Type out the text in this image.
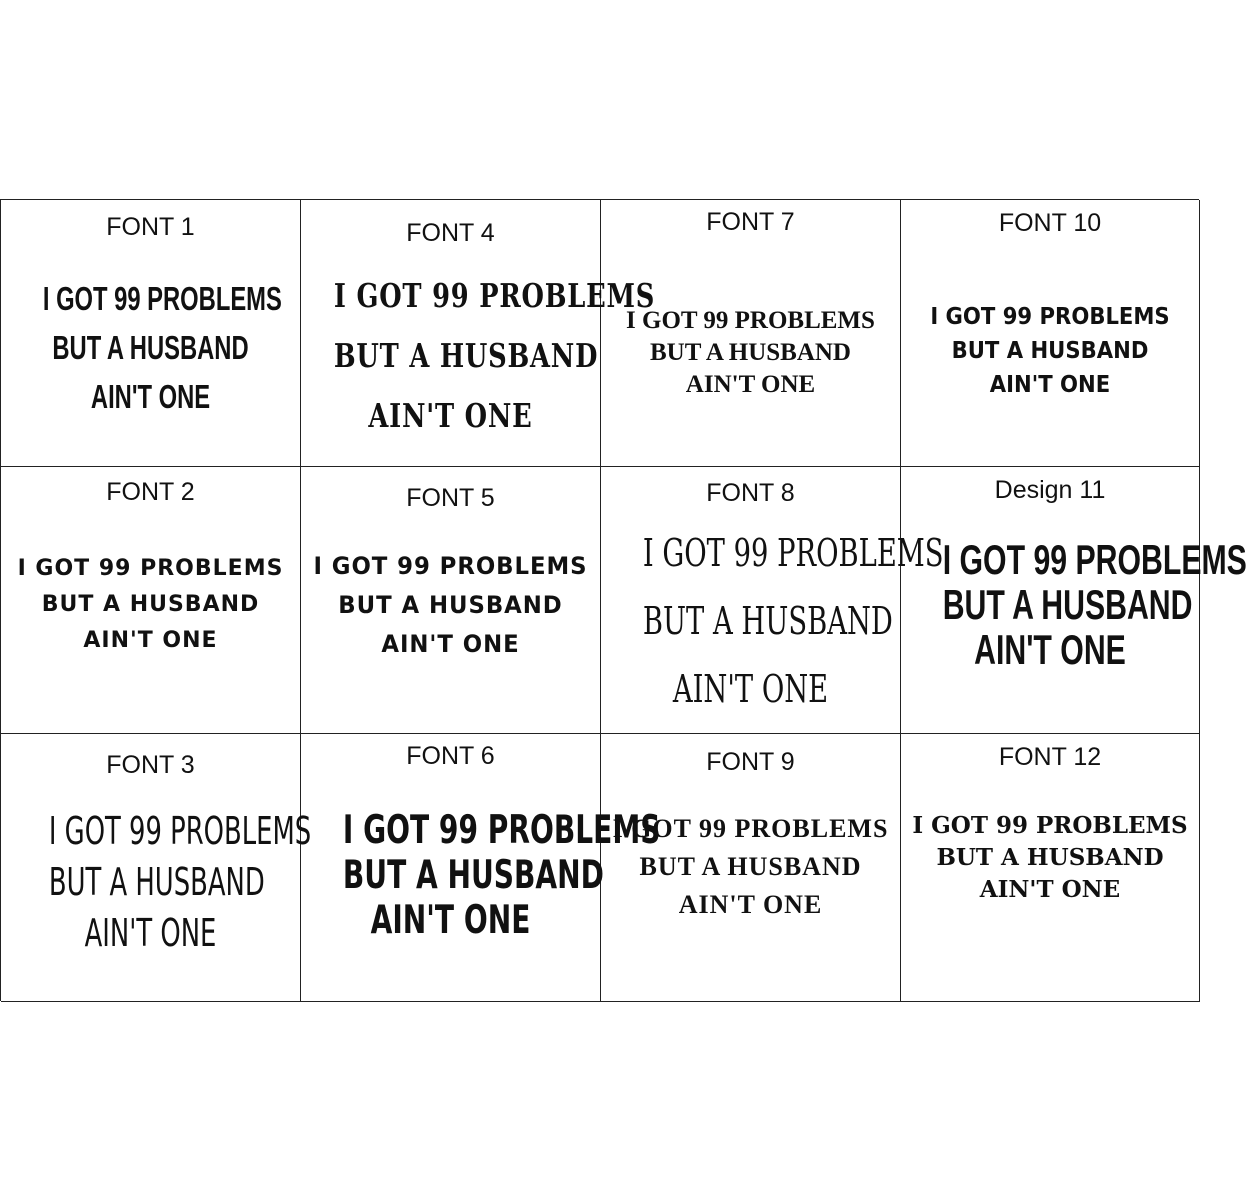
FONT 1
I GOT 99 PROBLEMS
BUT A HUSBAND
AIN'T ONE
FONT 4
I GOT 99 PROBLEMS
BUT A HUSBAND
AIN'T ONE
FONT 7
I GOT 99 PROBLEMS
BUT A HUSBAND
AIN'T ONE
FONT 10
I GOT 99 PROBLEMS
BUT A HUSBAND
AIN'T ONE
FONT 2
I GOT 99 PROBLEMS
BUT A HUSBAND
AIN'T ONE
FONT 5
I GOT 99 PROBLEMS
BUT A HUSBAND
AIN'T ONE
FONT 8
I GOT 99 PROBLEMS
BUT A HUSBAND
AIN'T ONE
Design 11
I GOT 99 PROBLEMS
BUT A HUSBAND
AIN'T ONE
FONT 3
I GOT 99 PROBLEMS
BUT A HUSBAND
AIN'T ONE
FONT 6
I GOT 99 PROBLEMS
BUT A HUSBAND
AIN'T ONE
FONT 9
I GOT 99 PROBLEMS
BUT A HUSBAND
AIN'T ONE
FONT 12
I GOT 99 PROBLEMS
BUT A HUSBAND
AIN'T ONE
